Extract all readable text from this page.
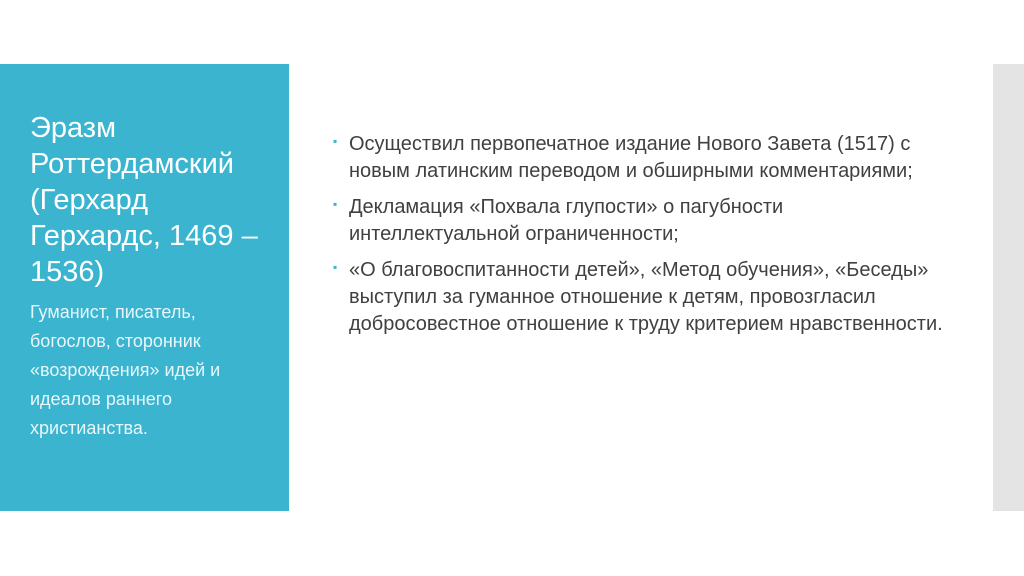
Эразм Роттердамский (Герхард Герхардс, 1469 – 1536)

Гуманист, писатель, богослов, сторонник «возрождения» идей и идеалов раннего христианства.

▪ Осуществил первопечатное издание Нового Завета (1517) с новым латинским переводом и обширными комментариями;
▪ Декламация «Похвала глупости» о пагубности интеллектуальной ограниченности;
▪ «О благовоспитанности детей», «Метод обучения», «Беседы» выступил за гуманное отношение к детям, провозгласил добросовестное отношение к труду критерием нравственности.
